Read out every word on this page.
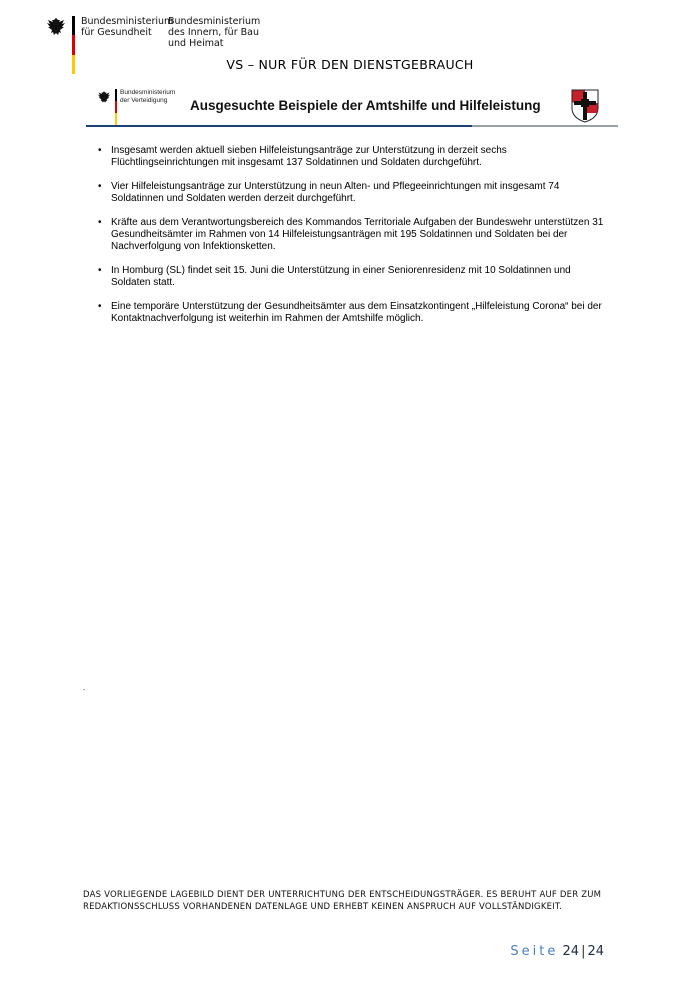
Bundesministerium
für Gesundheit
Bundesministerium
des Innern, für Bau
und Heimat
VS – NUR FÜR DEN DIENSTGEBRAUCH
Bundesministerium
der Verteidigung	Ausgesuchte Beispiele der Amtshilfe und Hilfeleistung
• Insgesamt werden aktuell sieben Hilfeleistungsanträge zur Unterstützung in derzeit sechs Flüchtlingseinrichtungen mit insgesamt 137 Soldatinnen und Soldaten durchgeführt.
• Vier Hilfeleistungsanträge zur Unterstützung in neun Alten- und Pflegeeinrichtungen mit insgesamt 74 Soldatinnen und Soldaten werden derzeit durchgeführt.
• Kräfte aus dem Verantwortungsbereich des Kommandos Territoriale Aufgaben der Bundeswehr unterstützen 31 Gesundheitsämter im Rahmen von 14 Hilfeleistungsanträgen mit 195 Soldatinnen und Soldaten bei der Nachverfolgung von Infektionsketten.
• In Homburg (SL) findet seit 15. Juni die Unterstützung in einer Seniorenresidenz mit 10 Soldatinnen und Soldaten statt.
• Eine temporäre Unterstützung der Gesundheitsämter aus dem Einsatzkontingent „Hilfeleistung Corona“ bei der Kontaktnachverfolgung ist weiterhin im Rahmen der Amtshilfe möglich.
.
DAS VORLIEGENDE LAGEBILD DIENT DER UNTERRICHTUNG DER ENTSCHEIDUNGSTRÄGER. ES BERUHT AUF DER ZUM
REDAKTIONSSCHLUSS VORHANDENEN DATENLAGE UND ERHEBT KEINEN ANSPRUCH AUF VOLLSTÄNDIGKEIT.
Seite 24 | 24
